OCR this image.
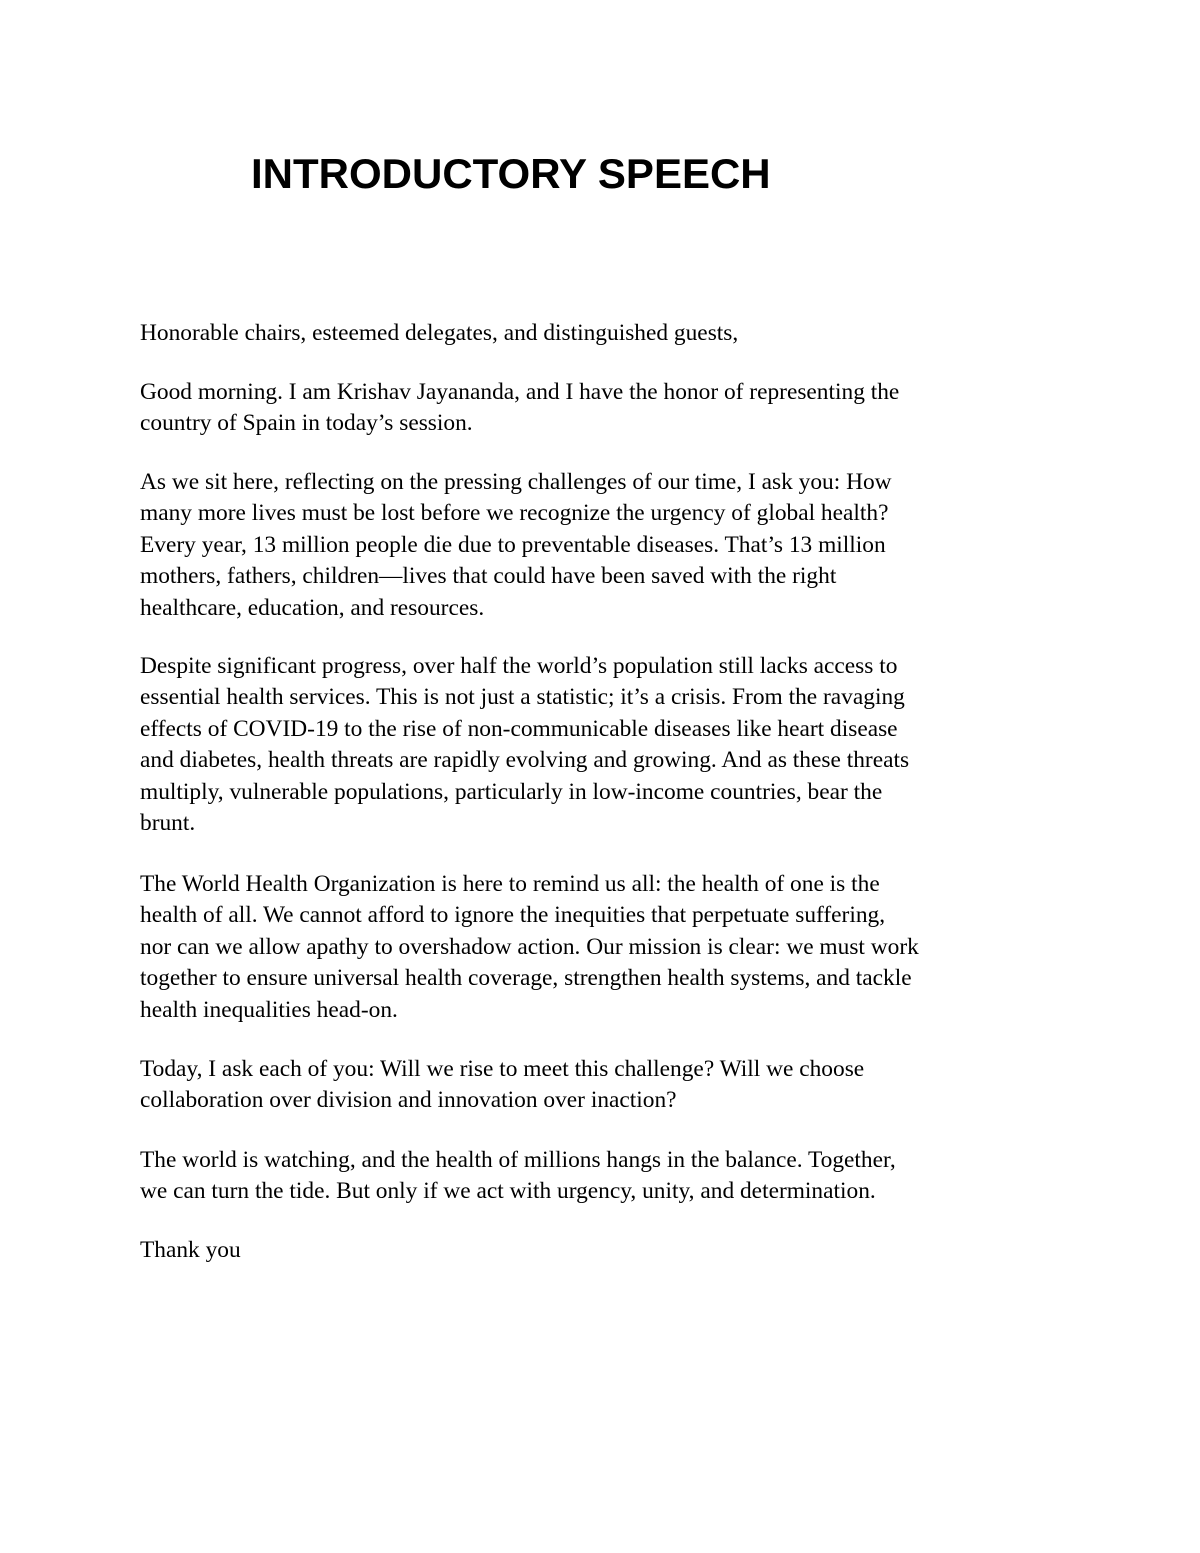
INTRODUCTORY SPEECH

Honorable chairs, esteemed delegates, and distinguished guests,

Good morning. I am Krishav Jayananda, and I have the honor of representing the
country of Spain in today’s session.

As we sit here, reflecting on the pressing challenges of our time, I ask you: How
many more lives must be lost before we recognize the urgency of global health?
Every year, 13 million people die due to preventable diseases. That’s 13 million
mothers, fathers, children—lives that could have been saved with the right
healthcare, education, and resources.

Despite significant progress, over half the world’s population still lacks access to
essential health services. This is not just a statistic; it’s a crisis. From the ravaging
effects of COVID-19 to the rise of non-communicable diseases like heart disease
and diabetes, health threats are rapidly evolving and growing. And as these threats
multiply, vulnerable populations, particularly in low-income countries, bear the
brunt.

The World Health Organization is here to remind us all: the health of one is the
health of all. We cannot afford to ignore the inequities that perpetuate suffering,
nor can we allow apathy to overshadow action. Our mission is clear: we must work
together to ensure universal health coverage, strengthen health systems, and tackle
health inequalities head-on.

Today, I ask each of you: Will we rise to meet this challenge? Will we choose
collaboration over division and innovation over inaction?

The world is watching, and the health of millions hangs in the balance. Together,
we can turn the tide. But only if we act with urgency, unity, and determination.

Thank you
